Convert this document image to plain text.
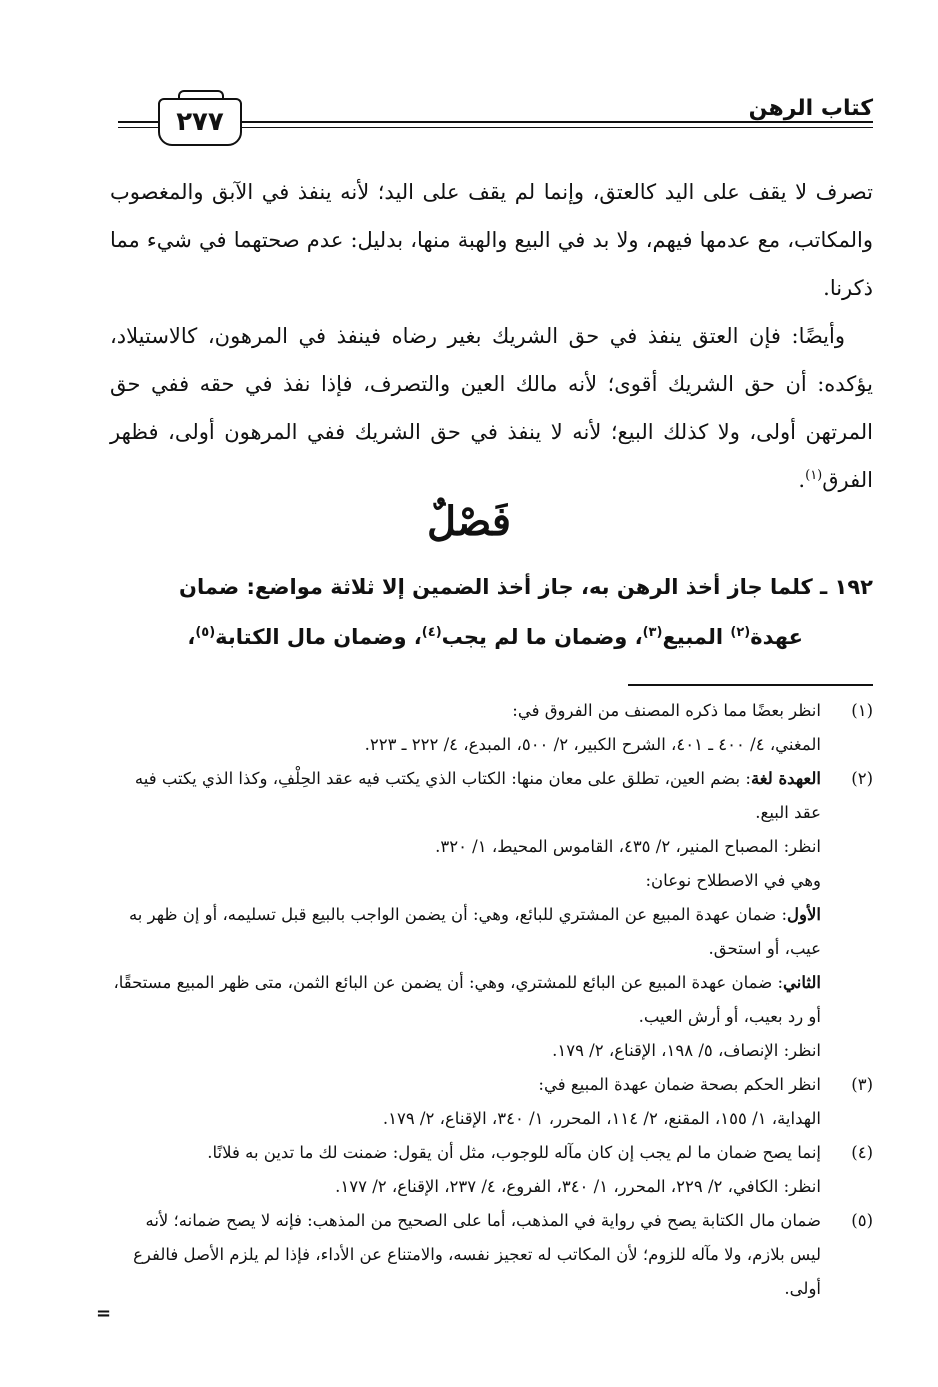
كتاب الرهن
٢٧٧

تصرف لا يقف على اليد كالعتق، وإنما لم يقف على اليد؛ لأنه ينفذ في الآبق والمغصوب والمكاتب، مع عدمها فيهم، ولا بد في البيع والهبة منها، بدليل: عدم صحتهما في شيء مما ذكرنا.

وأيضًا: فإن العتق ينفذ في حق الشريك بغير رضاه فينفذ في المرهون، كالاستيلاد، يؤكده: أن حق الشريك أقوى؛ لأنه مالك العين والتصرف، فإذا نفذ في حقه ففي حق المرتهن أولى، ولا كذلك البيع؛ لأنه لا ينفذ في حق الشريك ففي المرهون أولى، فظهر الفرق$^{(١)}$.

فَصْلٌ

١٩٢ ـ كلما جاز أخذ الرهن به، جاز أخذ الضمين إلا ثلاثة مواضع: ضمان

عهدة$^{(٢)}$ المبيع$^{(٣)}$، وضمان ما لم يجب$^{(٤)}$، وضمان مال الكتابة$^{(٥)}$،

(١)

انظر بعضًا مما ذكره المصنف من الفروق في:

المغني، ٤/ ٤٠٠ ـ ٤٠١، الشرح الكبير، ٢/ ٥٠٠، المبدع، ٤/ ٢٢٢ ـ ٢٢٣.

(٢)

العهدة لغة: بضم العين، تطلق على معان منها: الكتاب الذي يكتب فيه عقد الحِلْفِ، وكذا الذي يكتب فيه عقد البيع.

انظر: المصباح المنير، ٢/ ٤٣٥، القاموس المحيط، ١/ ٣٢٠.

وهي في الاصطلاح نوعان:

الأول: ضمان عهدة المبيع عن المشتري للبائع، وهي: أن يضمن الواجب بالبيع قبل تسليمه، أو إن ظهر به عيب، أو استحق.

الثاني: ضمان عهدة المبيع عن البائع للمشتري، وهي: أن يضمن عن البائع الثمن، متى ظهر المبيع مستحقًا، أو رد بعيب، أو أرش العيب.

انظر: الإنصاف، ٥/ ١٩٨، الإقناع، ٢/ ١٧٩.

(٣)

انظر الحكم بصحة ضمان عهدة المبيع في:

الهداية، ١/ ١٥٥، المقنع، ٢/ ١١٤، المحرر، ١/ ٣٤٠، الإقناع، ٢/ ١٧٩.

(٤)

إنما يصح ضمان ما لم يجب إن كان مآله للوجوب، مثل أن يقول: ضمنت لك ما تدين به فلانًا.

انظر: الكافي، ٢/ ٢٢٩، المحرر، ١/ ٣٤٠، الفروع، ٤/ ٢٣٧، الإقناع، ٢/ ١٧٧.

(٥)

ضمان مال الكتابة يصح في رواية في المذهب، أما على الصحيح من المذهب: فإنه لا يصح ضمانه؛ لأنه ليس بلازم، ولا مآله للزوم؛ لأن المكاتب له تعجيز نفسه، والامتناع عن الأداء، فإذا لم يلزم الأصل فالفرع أولى.

=
